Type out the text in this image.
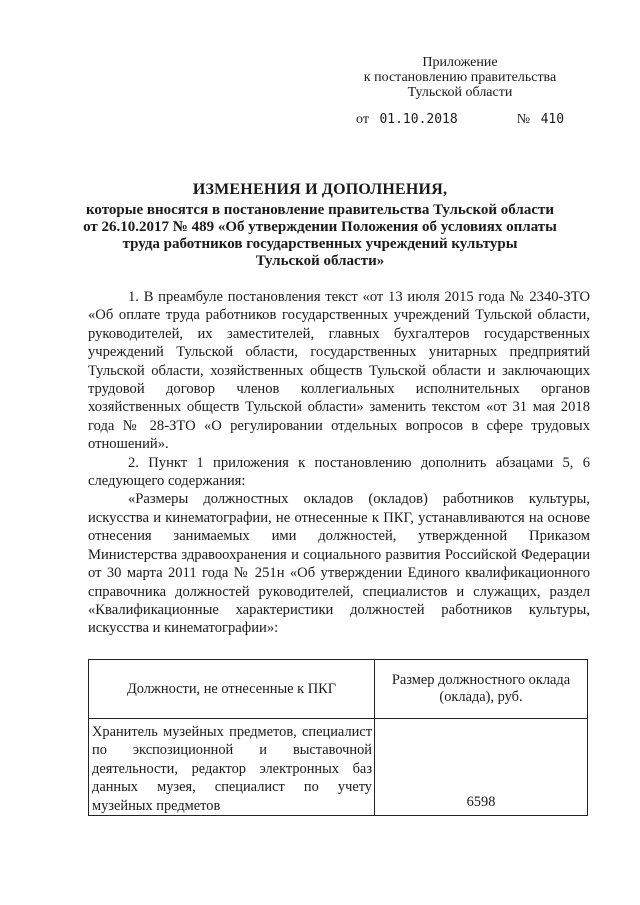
Приложение
к постановлению правительства
Тульской области
от 01.10.2018	№ 410
ИЗМЕНЕНИЯ И ДОПОЛНЕНИЯ,
которые вносятся в постановление правительства Тульской области
от 26.10.2017 № 489 «Об утверждении Положения об условиях оплаты
труда работников государственных учреждений культуры
Тульской области»

1. В преамбуле постановления текст «от 13 июля 2015 года № 2340-ЗТО «Об оплате труда работников государственных учреждений Тульской области, руководителей, их заместителей, главных бухгалтеров государственных учреждений Тульской области, государственных унитарных предприятий Тульской области, хозяйственных обществ Тульской области и заключающих трудовой договор членов коллегиальных исполнительных органов хозяйственных обществ Тульской области» заменить текстом «от 31 мая 2018 года № 28-ЗТО «О регулировании отдельных вопросов в сфере трудовых отношений».

2. Пункт 1 приложения к постановлению дополнить абзацами 5, 6 следующего содержания:

«Размеры должностных окладов (окладов) работников культуры, искусства и кинематографии, не отнесенные к ПКГ, устанавливаются на основе отнесения занимаемых ими должностей, утвержденной Приказом Министерства здравоохранения и социального развития Российской Федерации от 30 марта 2011 года № 251н «Об утверждении Единого квалификационного справочника должностей руководителей, специалистов и служащих, раздел «Квалификационные характеристики должностей работников культуры, искусства и кинематографии»:

Должности, не отнесенные к ПКГ	Размер должностного оклада (оклада), руб.
Хранитель музейных предметов, специалист по экспозиционной и выставочной деятельности, редактор электронных баз данных музея, специалист по учету музейных предметов	6598
